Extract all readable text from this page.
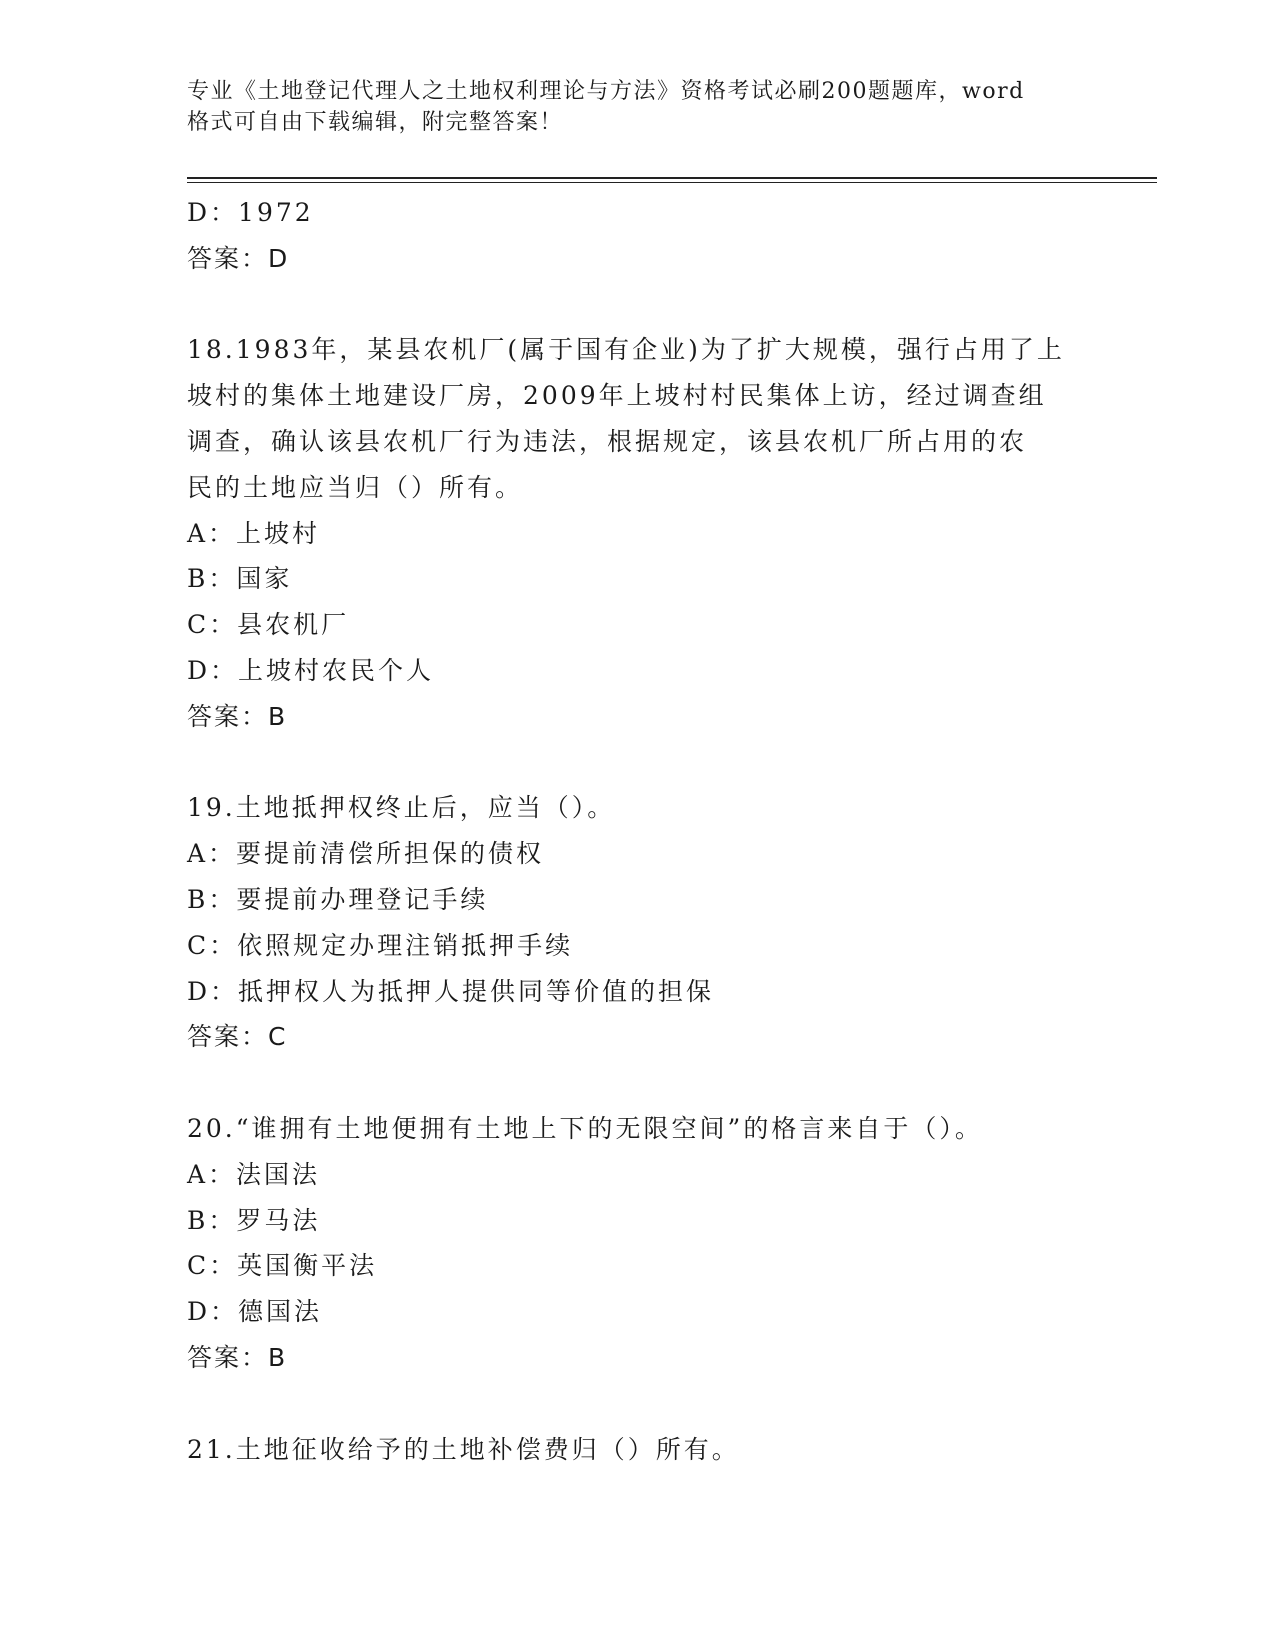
专业《土地登记代理人之土地权利理论与方法》资格考试必刷200题题库，word
格式可自由下载编辑，附完整答案！
D：1972
答案：D
18.1983年，某县农机厂(属于国有企业)为了扩大规模，强行占用了上
坡村的集体土地建设厂房，2009年上坡村村民集体上访，经过调查组
调查，确认该县农机厂行为违法，根据规定，该县农机厂所占用的农
民的土地应当归（）所有。
A：上坡村
B：国家
C：县农机厂
D：上坡村农民个人
答案：B
19.土地抵押权终止后，应当（）。
A：要提前清偿所担保的债权
B：要提前办理登记手续
C：依照规定办理注销抵押手续
D：抵押权人为抵押人提供同等价值的担保
答案：C
20.“谁拥有土地便拥有土地上下的无限空间”的格言来自于（）。
A：法国法
B：罗马法
C：英国衡平法
D：德国法
答案：B
21.土地征收给予的土地补偿费归（）所有。
